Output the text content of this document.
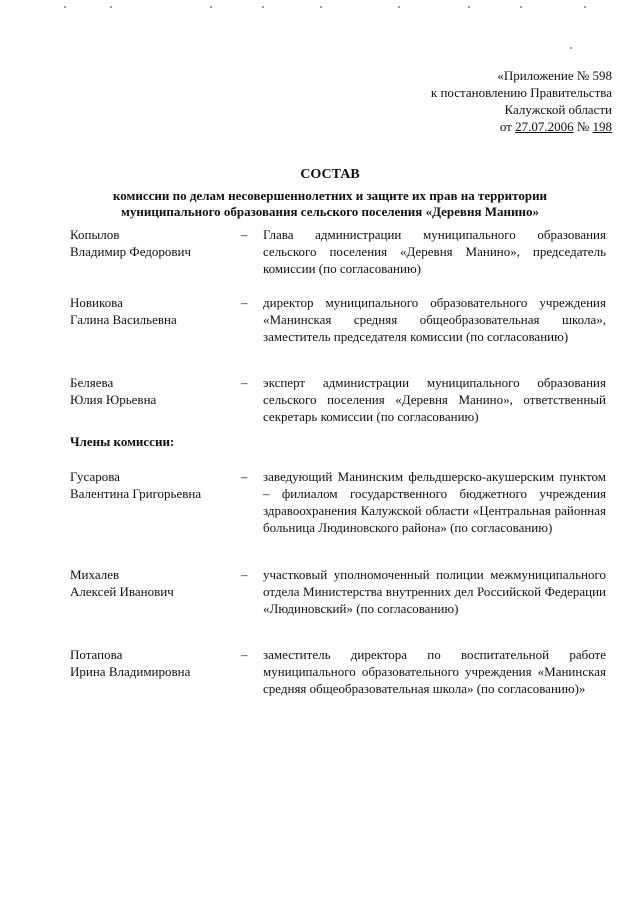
«Приложение № 598
к постановлению Правительства
Калужской области
от 27.07.2006 № 198
СОСТАВ
комиссии по делам несовершеннолетних и защите их прав на территории
муниципального образования сельского поселения «Деревня Манино»
Копылов
Владимир Федорович
–	Глава администрации муниципального образования сельского поселения «Деревня Манино», председатель комиссии (по согласованию)
Новикова
Галина Васильевна
–	директор муниципального образовательного учреждения «Манинская средняя общеобразовательная школа», заместитель председателя комиссии (по согласованию)
Беляева
Юлия Юрьевна
–	эксперт администрации муниципального образования сельского поселения «Деревня Манино», ответственный секретарь комиссии (по согласованию)
Члены комиссии:
Гусарова
Валентина Григорьевна
–	заведующий Манинским фельдшерско-акушерским пунктом – филиалом государственного бюджетного учреждения здравоохранения Калужской области «Центральная районная больница Людиновского района» (по согласованию)
Михалев
Алексей Иванович
–	участковый уполномоченный полиции межмуниципального отдела Министерства внутренних дел Российской Федерации «Людиновский» (по согласованию)
Потапова
Ирина Владимировна
–	заместитель директора по воспитательной работе муниципального образовательного учреждения «Манинская средняя общеобразовательная школа» (по согласованию)»
